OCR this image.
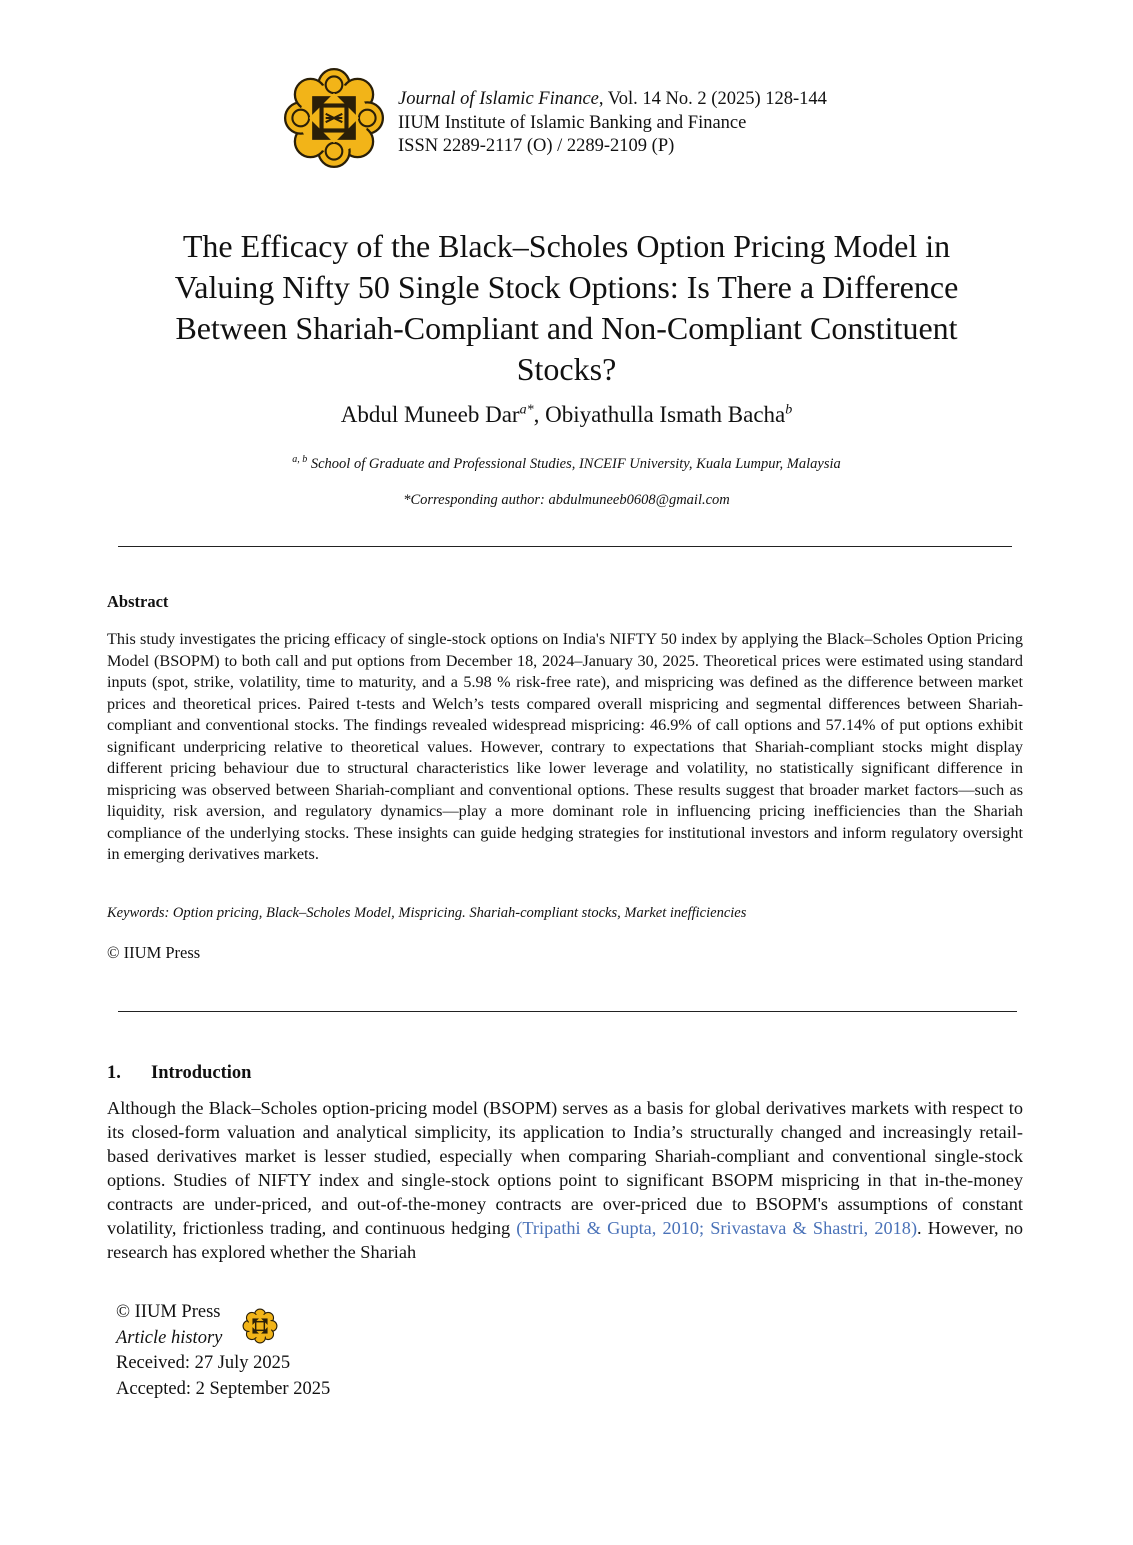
Journal of Islamic Finance, Vol. 14 No. 2 (2025) 128-144
IIUM Institute of Islamic Banking and Finance
ISSN 2289-2117 (O) / 2289-2109 (P)
The Efficacy of the Black–Scholes Option Pricing Model in
Valuing Nifty 50 Single Stock Options: Is There a Difference
Between Shariah-Compliant and Non-Compliant Constituent
Stocks?
Abdul Muneeb Dar$^{a*}$, Obiyathulla Ismath Bacha$^b$
$^{a, b}$ School of Graduate and Professional Studies, INCEIF University, Kuala Lumpur, Malaysia
*Corresponding author: abdulmuneeb0608@gmail.com
Abstract
This study investigates the pricing efficacy of single-stock options on India's NIFTY 50 index by applying the Black–Scholes Option Pricing Model (BSOPM) to both call and put options from December 18, 2024–January 30, 2025. Theoretical prices were estimated using standard inputs (spot, strike, volatility, time to maturity, and a 5.98 % risk-free rate), and mispricing was defined as the difference between market prices and theoretical prices. Paired t-tests and Welch’s tests compared overall mispricing and segmental differences between Shariah-compliant and conventional stocks. The findings revealed widespread mispricing: 46.9% of call options and 57.14% of put options exhibit significant underpricing relative to theoretical values. However, contrary to expectations that Shariah-compliant stocks might display different pricing behaviour due to structural characteristics like lower leverage and volatility, no statistically significant difference in mispricing was observed between Shariah-compliant and conventional options. These results suggest that broader market factors—such as liquidity, risk aversion, and regulatory dynamics—play a more dominant role in influencing pricing inefficiencies than the Shariah compliance of the underlying stocks. These insights can guide hedging strategies for institutional investors and inform regulatory oversight in emerging derivatives markets.
Keywords: Option pricing, Black–Scholes Model, Mispricing. Shariah-compliant stocks, Market inefficiencies
© IIUM Press
1. Introduction
Although the Black–Scholes option-pricing model (BSOPM) serves as a basis for global derivatives markets with respect to its closed-form valuation and analytical simplicity, its application to India’s structurally changed and increasingly retail-based derivatives market is lesser studied, especially when comparing Shariah-compliant and conventional single-stock options. Studies of NIFTY index and single-stock options point to significant BSOPM mispricing in that in-the-money contracts are under-priced, and out-of-the-money contracts are over-priced due to BSOPM's assumptions of constant volatility, frictionless trading, and continuous hedging (Tripathi & Gupta, 2010; Srivastava & Shastri, 2018). However, no research has explored whether the Shariah
© IIUM Press
Article history
Received: 27 July 2025
Accepted: 2 September 2025
